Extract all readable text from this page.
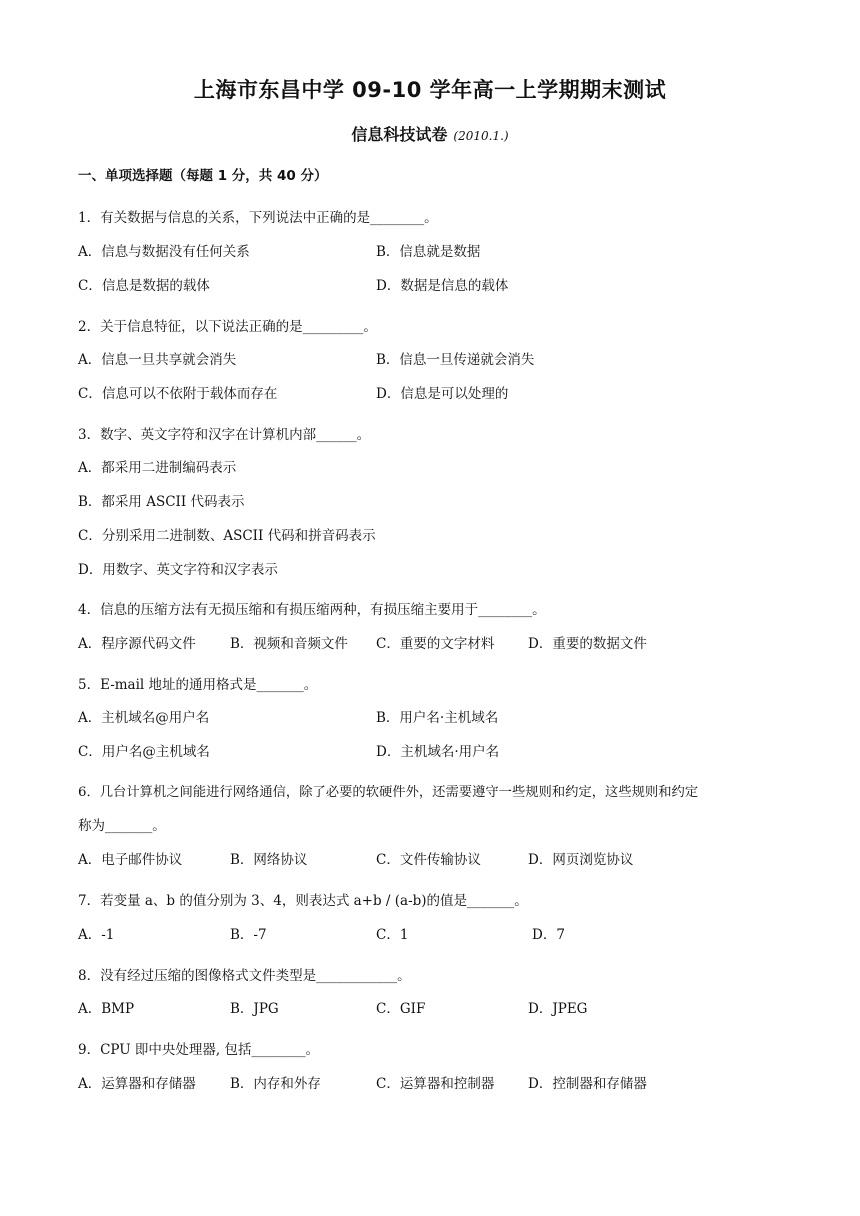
上海市东昌中学 09-10 学年高一上学期期末测试
信息科技试卷 (2010.1.)
一、单项选择题（每题 1 分，共 40 分）
1．有关数据与信息的关系，下列说法中正确的是________。
A．信息与数据没有任何关系	B．信息就是数据
C．信息是数据的载体	D．数据是信息的载体
2．关于信息特征，以下说法正确的是_________。
A．信息一旦共享就会消失	B．信息一旦传递就会消失
C．信息可以不依附于载体而存在	D．信息是可以处理的
3．数字、英文字符和汉字在计算机内部______。
A．都采用二进制编码表示
B．都采用 ASCII 代码表示
C．分别采用二进制数、ASCII 代码和拼音码表示
D．用数字、英文字符和汉字表示
4．信息的压缩方法有无损压缩和有损压缩两种，有损压缩主要用于________。
A．程序源代码文件	B．视频和音频文件 C．重要的文字材料 D．重要的数据文件
5．E-mail 地址的通用格式是_______。
A．主机域名@用户名	B．用户名·主机域名
C．用户名@主机域名	D．主机域名·用户名
6．几台计算机之间能进行网络通信，除了必要的软硬件外，还需要遵守一些规则和约定，这些规则和约定
称为_______。
A．电子邮件协议	B．网络协议	C．文件传输协议	D．网页浏览协议
7．若变量 a、b 的值分别为 3、4，则表达式 a+b / (a-b)的值是_______。
A．-1	B．-7	C．1	D．7
8．没有经过压缩的图像格式文件类型是____________。
A．BMP	B．JPG	C．GIF	D．JPEG
9．CPU 即中央处理器, 包括________。
A．运算器和存储器	B．内存和外存	C．运算器和控制器 D．控制器和存储器
